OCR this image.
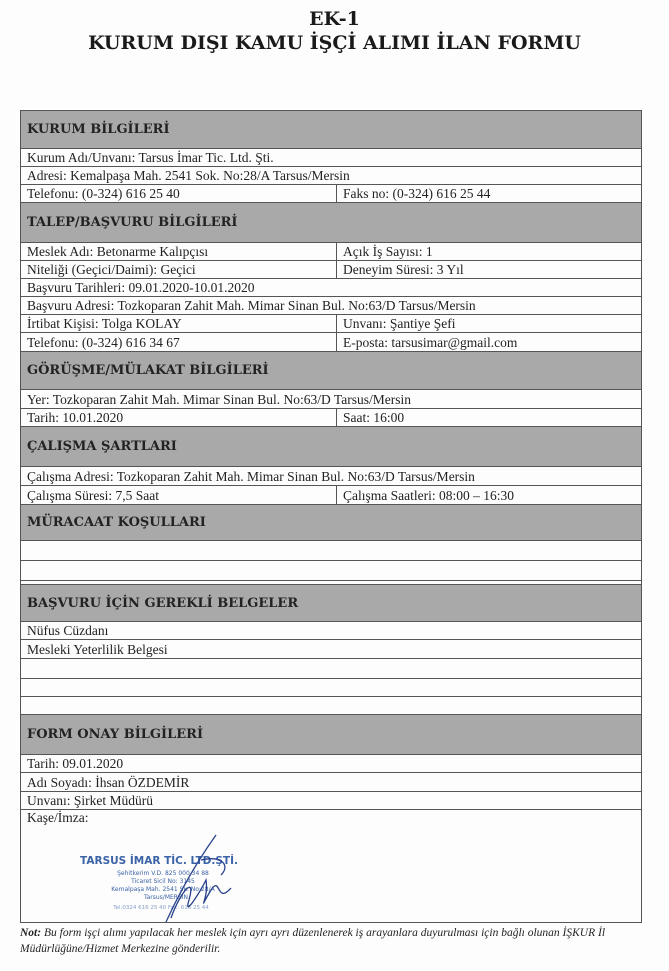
EK-1
KURUM DIŞI KAMU İŞÇİ ALIMI İLAN FORMU
KURUM BİLGİLERİ
Kurum Adı/Unvanı: Tarsus İmar Tic. Ltd. Şti.
Adresi: Kemalpaşa Mah. 2541 Sok. No:28/A Tarsus/Mersin
Telefonu: (0-324) 616 25 40	Faks no: (0-324) 616 25 44
TALEP/BAŞVURU BİLGİLERİ
Meslek Adı: Betonarme Kalıpçısı	Açık İş Sayısı: 1
Niteliği (Geçici/Daimi): Geçici	Deneyim Süresi: 3 Yıl
Başvuru Tarihleri: 09.01.2020-10.01.2020
Başvuru Adresi: Tozkoparan Zahit Mah. Mimar Sinan Bul. No:63/D Tarsus/Mersin
İrtibat Kişisi: Tolga KOLAY	Unvanı: Şantiye Şefi
Telefonu: (0-324) 616 34 67	E-posta: tarsusimar@gmail.com
GÖRÜŞME/MÜLAKAT BİLGİLERİ
Yer: Tozkoparan Zahit Mah. Mimar Sinan Bul. No:63/D Tarsus/Mersin
Tarih: 10.01.2020	Saat: 16:00
ÇALIŞMA ŞARTLARI
Çalışma Adresi: Tozkoparan Zahit Mah. Mimar Sinan Bul. No:63/D Tarsus/Mersin
Çalışma Süresi: 7,5 Saat	Çalışma Saatleri: 08:00 – 16:30
MÜRACAAT KOŞULLARI
BAŞVURU İÇİN GEREKLİ BELGELER
Nüfus Cüzdanı
Mesleki Yeterlilik Belgesi
FORM ONAY BİLGİLERİ
Tarih: 09.01.2020
Adı Soyadı: İhsan ÖZDEMİR
Unvanı: Şirket Müdürü
Kaşe/İmza:
TARSUS İMAR TİC. LTD.ŞTİ.
Şehitkerim V.D. 825 000 34 88
Ticaret Sicil No: 3145
Kemalpaşa Mah. 2541 Sk. No:28/A
Tarsus/MERSİN
Tel:0324 616 25 40 Fax: 616 25 44
Not: Bu form işçi alımı yapılacak her meslek için ayrı ayrı düzenlenerek iş arayanlara duyurulması için bağlı olunan İŞKUR İl Müdürlüğüne/Hizmet Merkezine gönderilir.
